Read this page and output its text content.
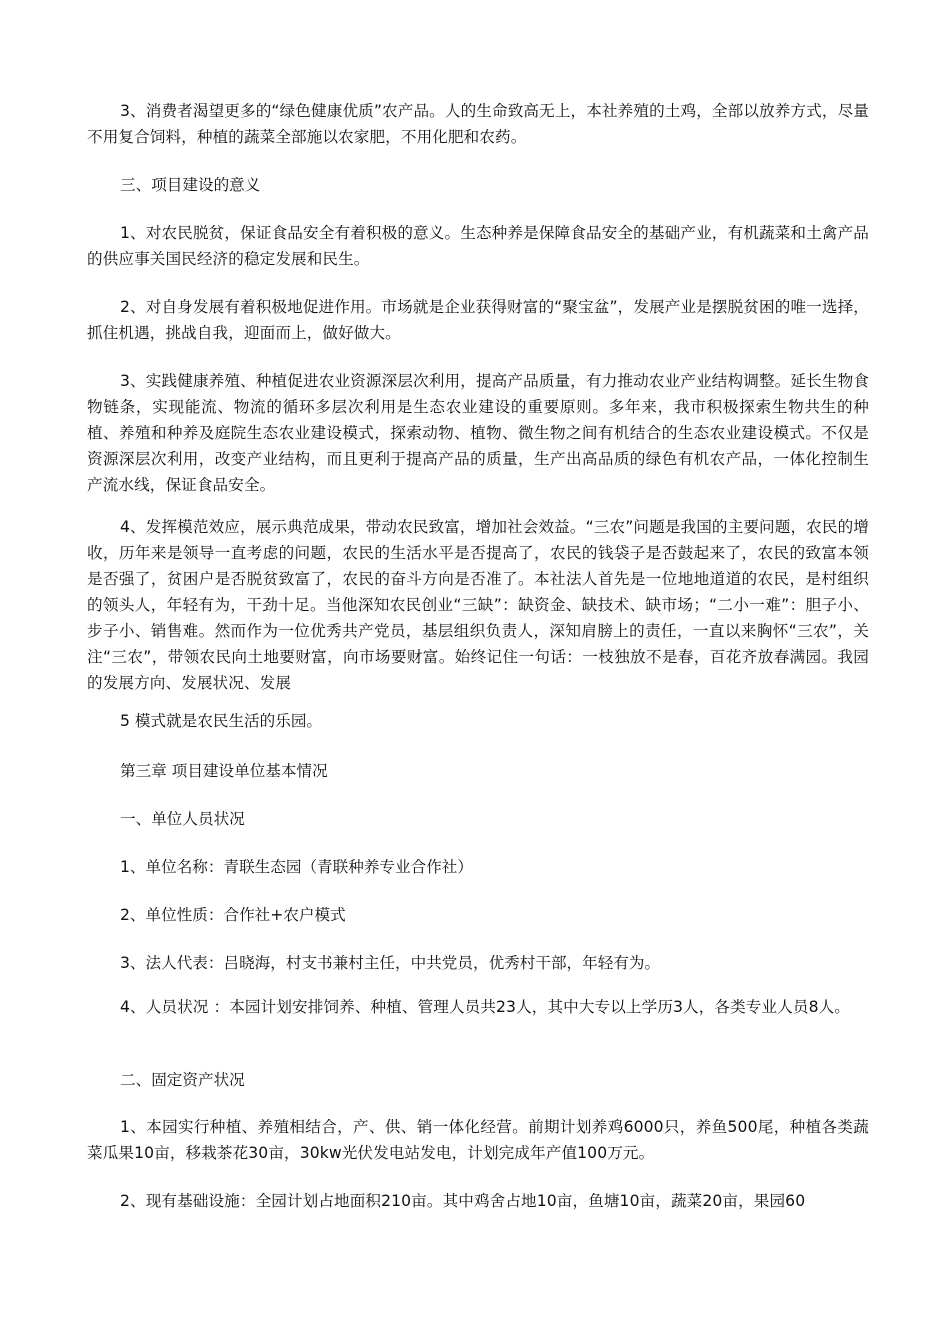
3、消费者渴望更多的“绿色健康优质”农产品。人的生命致高无上，本社养殖的土鸡，全部以放养方式，尽量不用复合饲料，种植的蔬菜全部施以农家肥，不用化肥和农药。

三、项目建设的意义

1、对农民脱贫，保证食品安全有着积极的意义。生态种养是保障食品安全的基础产业，有机蔬菜和土禽产品的供应事关国民经济的稳定发展和民生。

2、对自身发展有着积极地促进作用。市场就是企业获得财富的“聚宝盆”，发展产业是摆脱贫困的唯一选择，抓住机遇，挑战自我，迎面而上，做好做大。

3、实践健康养殖、种植促进农业资源深层次利用，提高产品质量，有力推动农业产业结构调整。延长生物食物链条，实现能流、物流的循环多层次利用是生态农业建设的重要原则。多年来，我市积极探索生物共生的种植、养殖和种养及庭院生态农业建设模式，探索动物、植物、微生物之间有机结合的生态农业建设模式。不仅是资源深层次利用，改变产业结构，而且更利于提高产品的质量，生产出高品质的绿色有机农产品，一体化控制生产流水线，保证食品安全。

4、发挥模范效应，展示典范成果，带动农民致富，增加社会效益。“三农”问题是我国的主要问题，农民的增收，历年来是领导一直考虑的问题，农民的生活水平是否提高了，农民的钱袋子是否鼓起来了，农民的致富本领是否强了，贫困户是否脱贫致富了，农民的奋斗方向是否准了。本社法人首先是一位地地道道的农民，是村组织的领头人，年轻有为，干劲十足。当他深知农民创业“三缺”：缺资金、缺技术、缺市场；“二小一难”：胆子小、步子小、销售难。然而作为一位优秀共产党员，基层组织负责人，深知肩膀上的责任，一直以来胸怀“三农”，关注“三农”，带领农民向土地要财富，向市场要财富。始终记住一句话：一枝独放不是春，百花齐放春满园。我园的发展方向、发展状况、发展

5 模式就是农民生活的乐园。

第三章 项目建设单位基本情况

一、单位人员状况

1、单位名称：青联生态园（青联种养专业合作社）

2、单位性质：合作社+农户模式

3、法人代表：吕晓海，村支书兼村主任，中共党员，优秀村干部，年轻有为。

4、人员状况 ：本园计划安排饲养、种植、管理人员共23人，其中大专以上学历3人，各类专业人员8人。

二、固定资产状况

1、本园实行种植、养殖相结合，产、供、销一体化经营。前期计划养鸡6000只，养鱼500尾，种植各类蔬菜瓜果10亩，移栽茶花30亩，30kw光伏发电站发电，计划完成年产值100万元。

2、现有基础设施：全园计划占地面积210亩。其中鸡舍占地10亩，鱼塘10亩，蔬菜20亩，果园60
